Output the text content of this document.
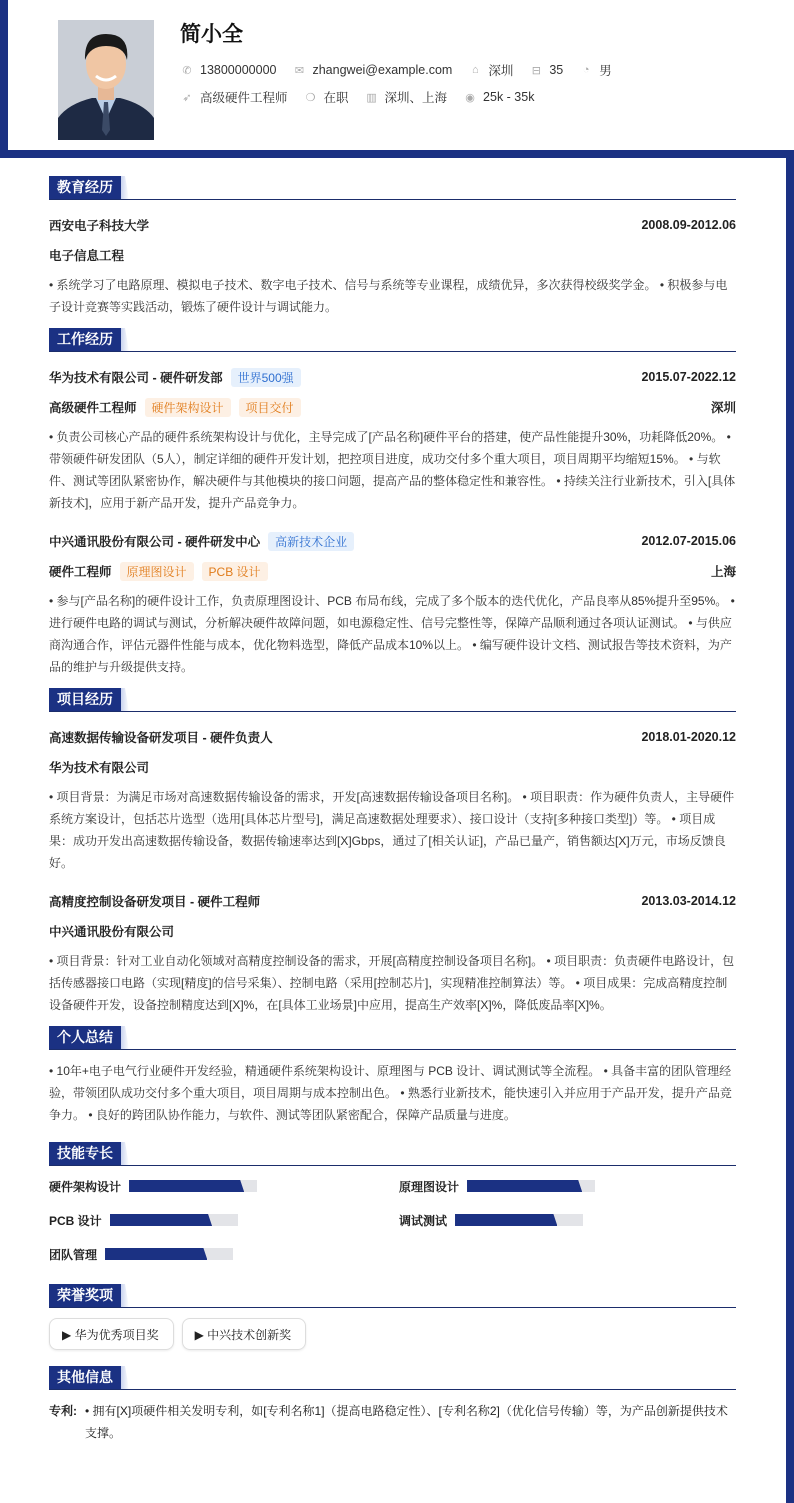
简小全
✆ 13800000000 ✉ zhangwei@example.com	⌂ 深圳 ⊟ 35	◔ 男
➶ 高级硬件工程师 ❍ 在职 ▥ 深圳、上海 ◉ 25k - 35k
教育经历
西安电子科技大学	2008.09-2012.06
电子信息工程

• 系统学习了电路原理、模拟电子技术、数字电子技术、信号与系统等专业课程，成绩优异，多次获得校级奖学金。 • 积极参与电子设计竞赛等实践活动，锻炼了硬件设计与调试能力。

工作经历
华为技术有限公司 - 硬件研发部	世界500强	2015.07-2022.12
高级硬件工程师	硬件架构设计	项目交付	深圳

• 负责公司核心产品的硬件系统架构设计与优化，主导完成了[产品名称]硬件平台的搭建，使产品性能提升30%，功耗降低20%。 • 带领硬件研发团队（5人），制定详细的硬件开发计划，把控项目进度，成功交付多个重大项目，项目周期平均缩短15%。 • 与软件、测试等团队紧密协作，解决硬件与其他模块的接口问题，提高产品的整体稳定性和兼容性。 • 持续关注行业新技术，引入[具体新技术]，应用于新产品开发，提升产品竞争力。

中兴通讯股份有限公司 - 硬件研发中心	高新技术企业	2012.07-2015.06
硬件工程师	原理图设计	PCB 设计	上海

• 参与[产品名称]的硬件设计工作，负责原理图设计、PCB 布局布线，完成了多个版本的迭代优化，产品良率从85%提升至95%。 • 进行硬件电路的调试与测试，分析解决硬件故障问题，如电源稳定性、信号完整性等，保障产品顺利通过各项认证测试。 • 与供应商沟通合作，评估元器件性能与成本，优化物料选型，降低产品成本10%以上。 • 编写硬件设计文档、测试报告等技术资料，为产品的维护与升级提供支持。

项目经历
高速数据传输设备研发项目 - 硬件负责人	2018.01-2020.12
华为技术有限公司

• 项目背景：为满足市场对高速数据传输设备的需求，开发[高速数据传输设备项目名称]。 • 项目职责：作为硬件负责人，主导硬件系统方案设计，包括芯片选型（选用[具体芯片型号]，满足高速数据处理要求）、接口设计（支持[多种接口类型]）等。 • 项目成果：成功开发出高速数据传输设备，数据传输速率达到[X]Gbps，通过了[相关认证]，产品已量产，销售额达[X]万元，市场反馈良好。

高精度控制设备研发项目 - 硬件工程师	2013.03-2014.12
中兴通讯股份有限公司

• 项目背景：针对工业自动化领域对高精度控制设备的需求，开展[高精度控制设备项目名称]。 • 项目职责：负责硬件电路设计，包括传感器接口电路（实现[精度]的信号采集）、控制电路（采用[控制芯片]，实现精准控制算法）等。 • 项目成果：完成高精度控制设备硬件开发，设备控制精度达到[X]%，在[具体工业场景]中应用，提高生产效率[X]%，降低废品率[X]%。

个人总结

• 10年+电子电气行业硬件开发经验，精通硬件系统架构设计、原理图与 PCB 设计、调试测试等全流程。 • 具备丰富的团队管理经验，带领团队成功交付多个重大项目，项目周期与成本控制出色。 • 熟悉行业新技术，能快速引入并应用于产品开发，提升产品竞争力。 • 良好的跨团队协作能力，与软件、测试等团队紧密配合，保障产品质量与进度。

技能专长
硬件架构设计	原理图设计
PCB 设计	调试测试
团队管理
荣誉奖项
▶ 华为优秀项目奖	▶ 中兴技术创新奖
其他信息
专利: • 拥有[X]项硬件相关发明专利，如[专利名称1]（提高电路稳定性）、[专利名称2]（优化信号传输）等，为产品创新提供技术支撑。
